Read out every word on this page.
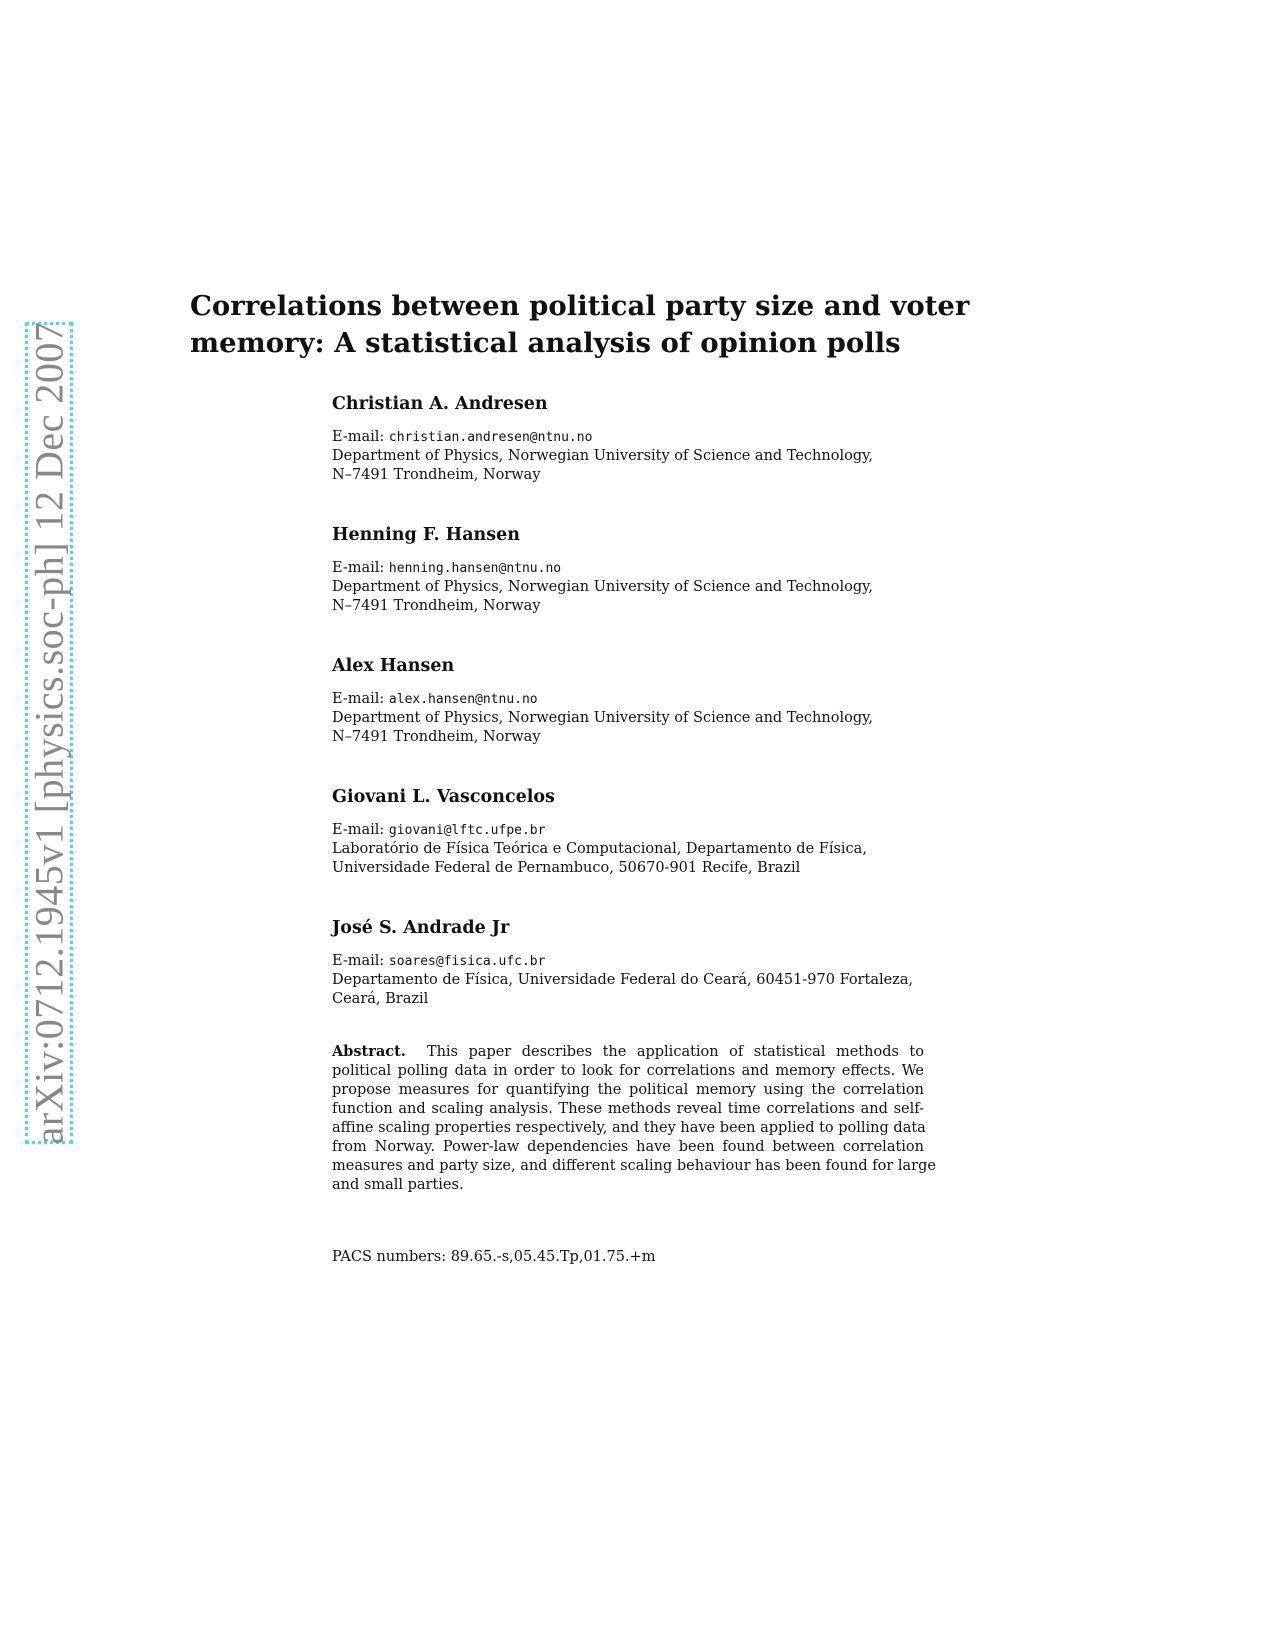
arXiv:0712.1945v1 [physics.soc-ph] 12 Dec 2007
Correlations between political party size and voter
memory: A statistical analysis of opinion polls
Christian A. Andresen
E-mail: christian.andresen@ntnu.no
Department of Physics, Norwegian University of Science and Technology,
N–7491 Trondheim, Norway
Henning F. Hansen
E-mail: henning.hansen@ntnu.no
Department of Physics, Norwegian University of Science and Technology,
N–7491 Trondheim, Norway
Alex Hansen
E-mail: alex.hansen@ntnu.no
Department of Physics, Norwegian University of Science and Technology,
N–7491 Trondheim, Norway
Giovani L. Vasconcelos
E-mail: giovani@lftc.ufpe.br
Laboratório de Física Teórica e Computacional, Departamento de Física,
Universidade Federal de Pernambuco, 50670-901 Recife, Brazil
José S. Andrade Jr
E-mail: soares@fisica.ufc.br
Departamento de Física, Universidade Federal do Ceará, 60451-970 Fortaleza,
Ceará, Brazil
Abstract. This paper describes the application of statistical methods to
political polling data in order to look for correlations and memory effects. We
propose measures for quantifying the political memory using the correlation
function and scaling analysis. These methods reveal time correlations and self-
affine scaling properties respectively, and they have been applied to polling data
from Norway. Power-law dependencies have been found between correlation
measures and party size, and different scaling behaviour has been found for large
and small parties.
PACS numbers: 89.65.-s,05.45.Tp,01.75.+m
